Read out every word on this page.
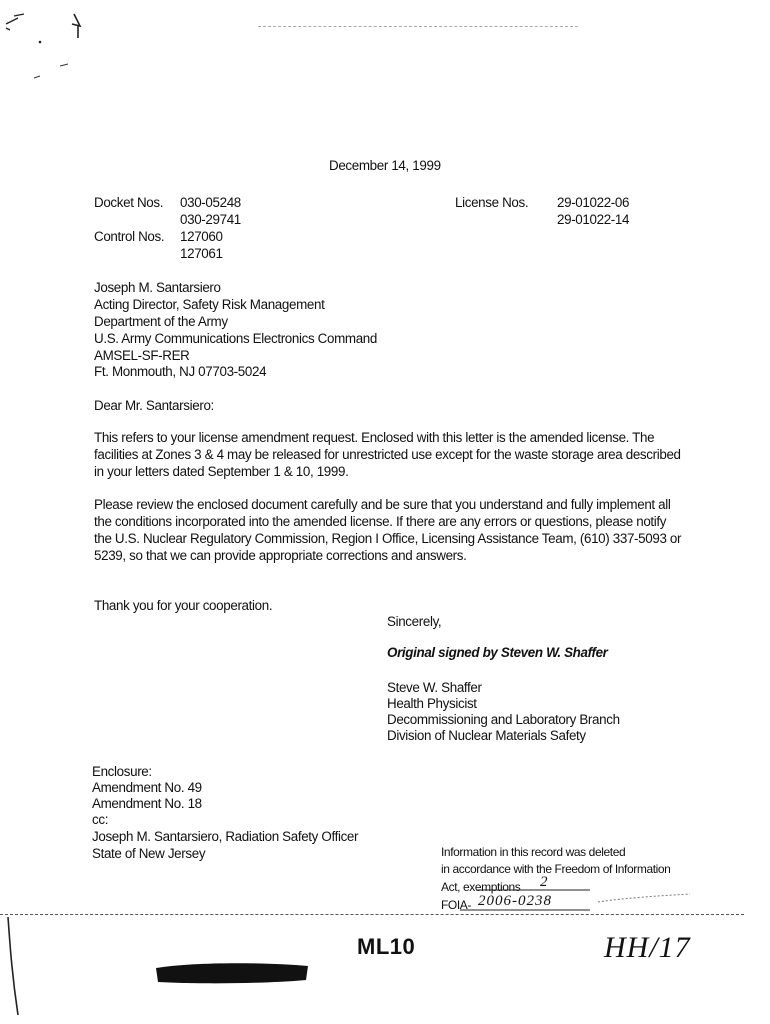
December 14, 1999
Docket Nos. 030-05248
030-29741
Control Nos. 127060
127061
License Nos. 29-01022-06
29-01022-14
Joseph M. Santarsiero
Acting Director, Safety Risk Management
Department of the Army
U.S. Army Communications Electronics Command
AMSEL-SF-RER
Ft. Monmouth, NJ 07703-5024
Dear Mr. Santarsiero:
This refers to your license amendment request. Enclosed with this letter is the amended license. The facilities at Zones 3 & 4 may be released for unrestricted use except for the waste storage area described in your letters dated September 1 & 10, 1999.
Please review the enclosed document carefully and be sure that you understand and fully implement all the conditions incorporated into the amended license. If there are any errors or questions, please notify the U.S. Nuclear Regulatory Commission, Region I Office, Licensing Assistance Team, (610) 337-5093 or 5239, so that we can provide appropriate corrections and answers.
Thank you for your cooperation.
Sincerely,
Original signed by Steven W. Shaffer
Steve W. Shaffer
Health Physicist
Decommissioning and Laboratory Branch
Division of Nuclear Materials Safety
Enclosure:
Amendment No. 49
Amendment No. 18
cc:
Joseph M. Santarsiero, Radiation Safety Officer
State of New Jersey	Information in this record was deleted
in accordance with the Freedom of Information
Act, exemptions 2
FOIA- 2006-0238
ML10	HH/17
